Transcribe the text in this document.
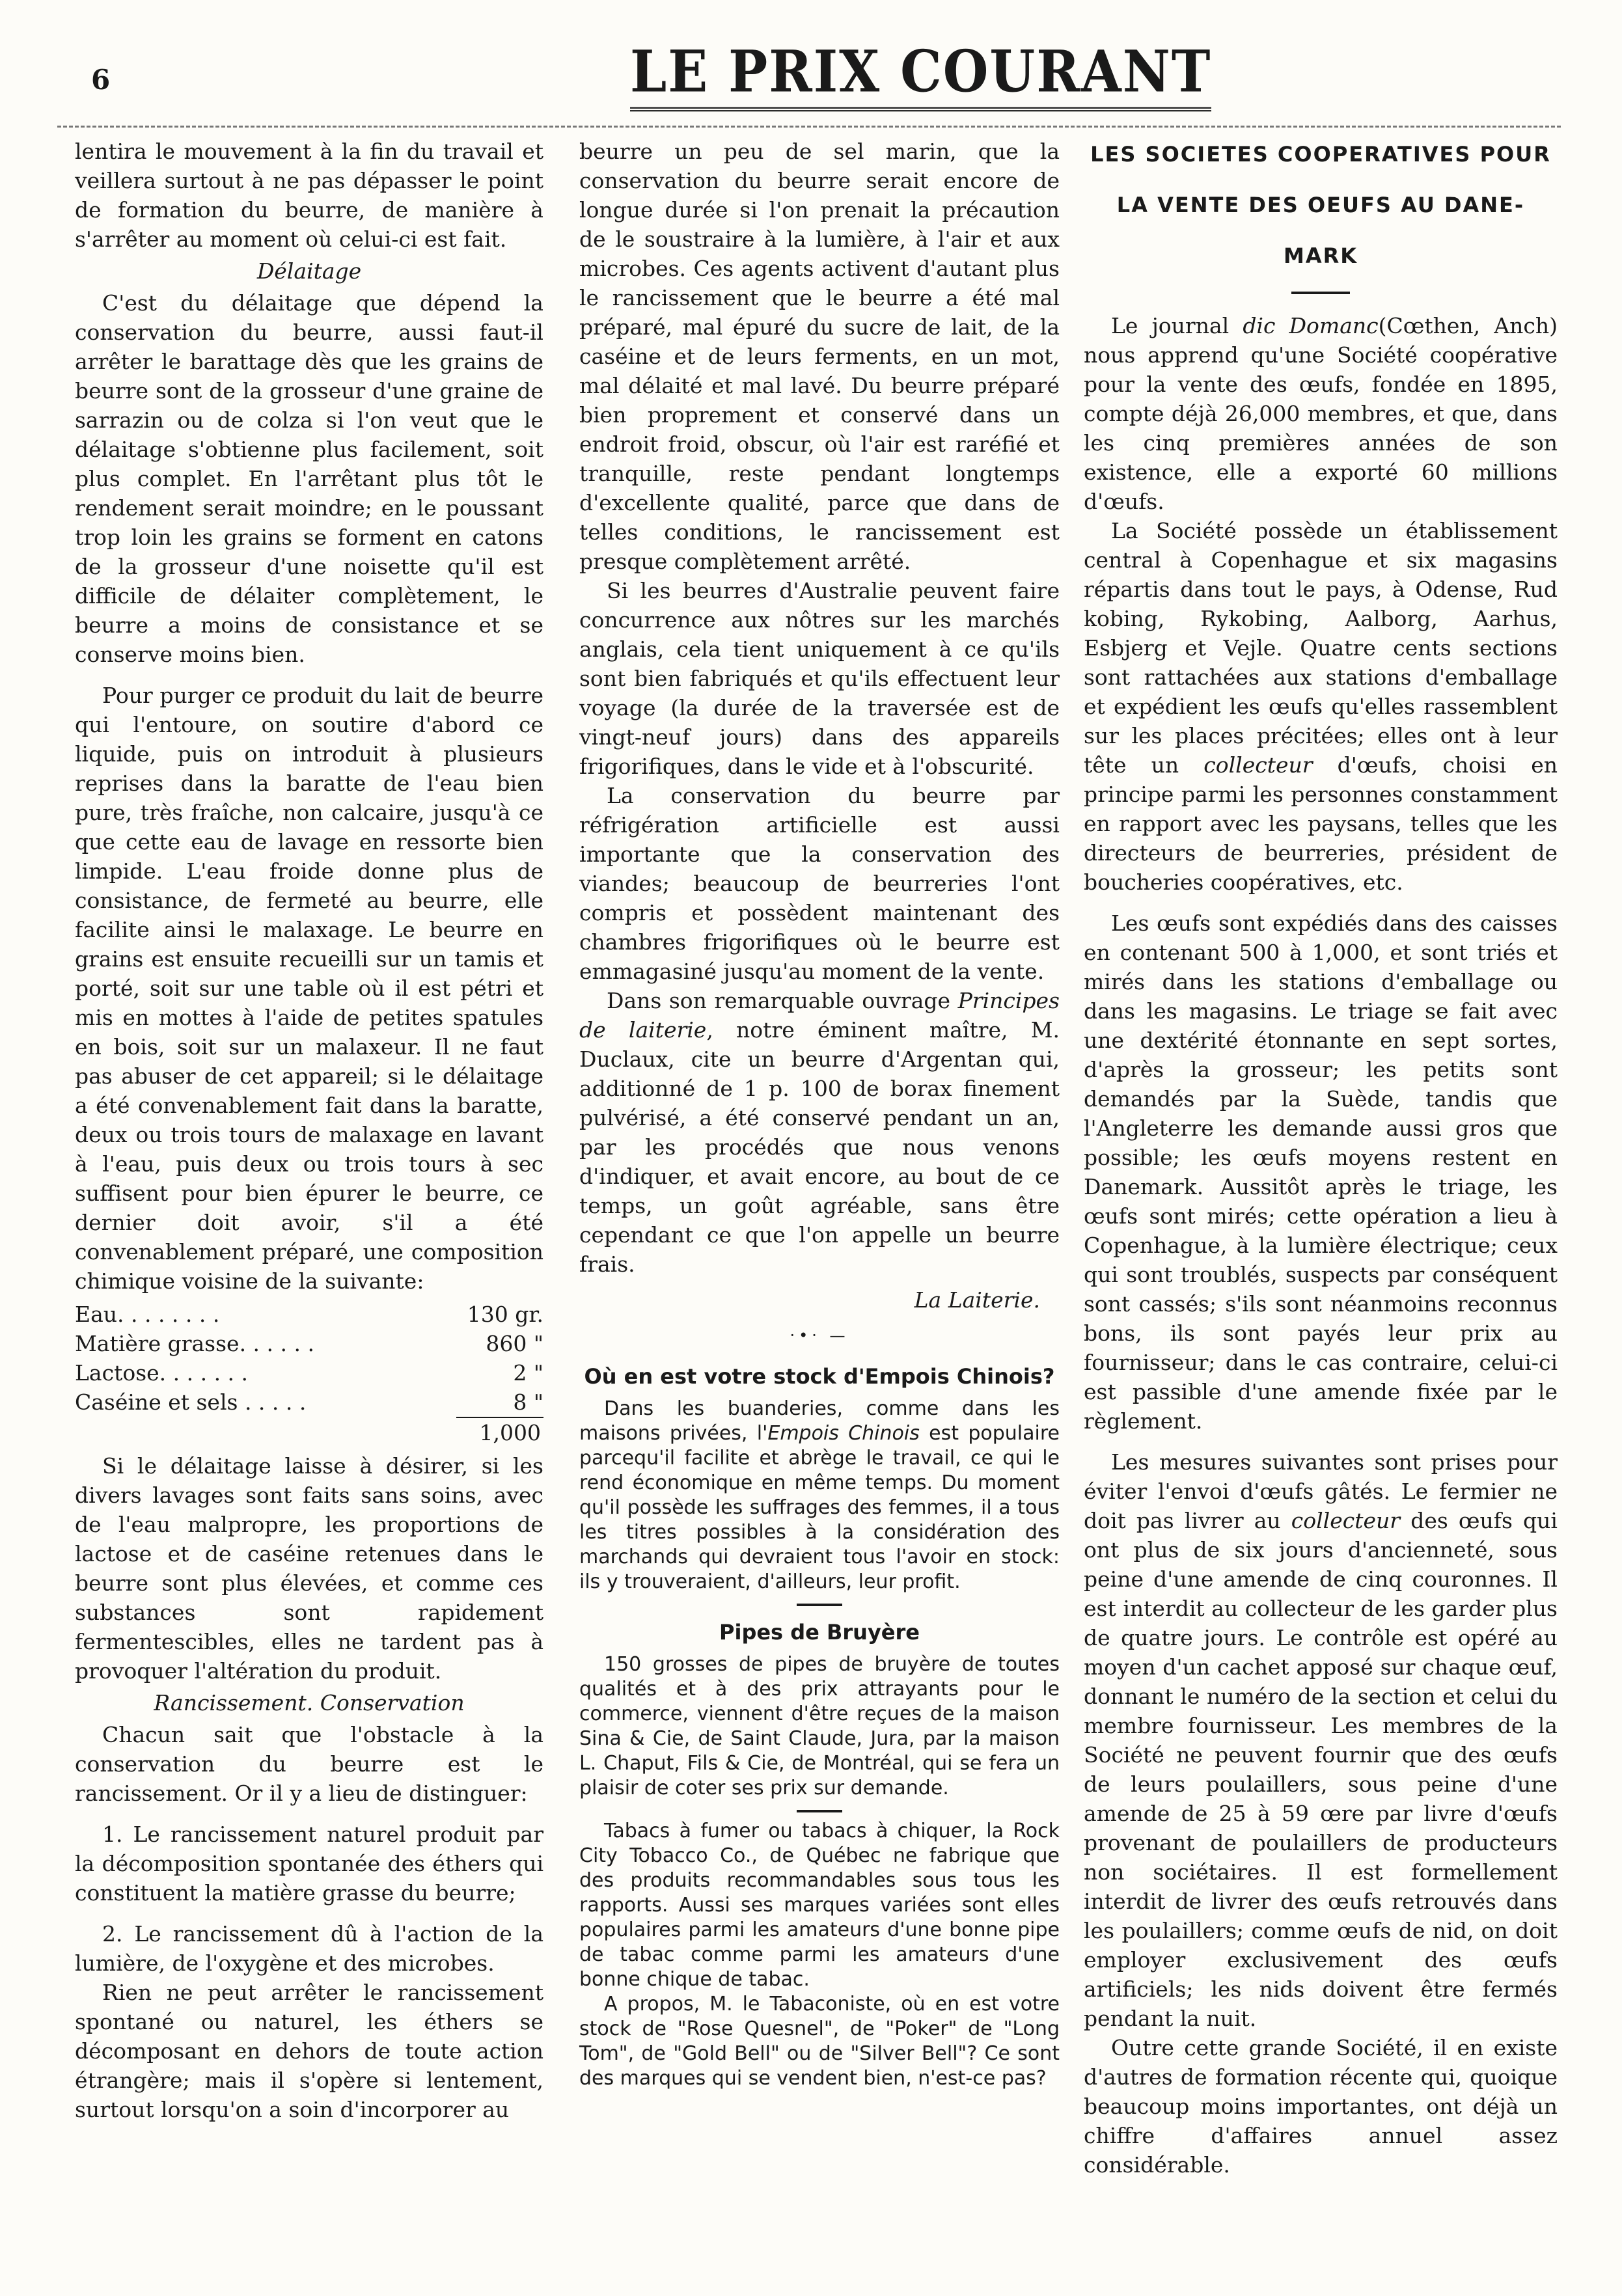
6	LE PRIX COURANT

lentira le mouvement à la fin du travail et veillera surtout à ne pas dépasser le point de formation du beurre, de manière à s'arrêter au moment où celui-ci est fait.

Délaitage

C'est du délaitage que dépend la conservation du beurre, aussi faut-il arrêter le barattage dès que les grains de beurre sont de la grosseur d'une graine de sarrazin ou de colza si l'on veut que le délaitage s'obtienne plus facilement, soit plus complet. En l'arrêtant plus tôt le rendement serait moindre; en le poussant trop loin les grains se forment en catons de la grosseur d'une noisette qu'il est difficile de délaiter complètement, le beurre a moins de consistance et se conserve moins bien.

Pour purger ce produit du lait de beurre qui l'entoure, on soutire d'abord ce liquide, puis on introduit à plusieurs reprises dans la baratte de l'eau bien pure, très fraîche, non calcaire, jusqu'à ce que cette eau de lavage en ressorte bien limpide. L'eau froide donne plus de consistance, de fermeté au beurre, elle facilite ainsi le malaxage. Le beurre en grains est ensuite recueilli sur un tamis et porté, soit sur une table où il est pétri et mis en mottes à l'aide de petites spatules en bois, soit sur un malaxeur. Il ne faut pas abuser de cet appareil; si le délaitage a été convenablement fait dans la baratte, deux ou trois tours de malaxage en lavant à l'eau, puis deux ou trois tours à sec suffisent pour bien épurer le beurre, ce dernier doit avoir, s'il a été convenablement préparé, une composition chimique voisine de la suivante:

Eau. . . . . . . .	130 gr.
Matière grasse. . . . . .	860 "
Lactose. . . . . . .	2 "
Caséine et sels . . . . .	8 "
1,000

Si le délaitage laisse à désirer, si les divers lavages sont faits sans soins, avec de l'eau malpropre, les proportions de lactose et de caséine retenues dans le beurre sont plus élevées, et comme ces substances sont rapidement fermentescibles, elles ne tardent pas à provoquer l'altération du produit.

Rancissement. Conservation

Chacun sait que l'obstacle à la conservation du beurre est le rancissement. Or il y a lieu de distinguer:

1. Le rancissement naturel produit par la décomposition spontanée des éthers qui constituent la matière grasse du beurre;

2. Le rancissement dû à l'action de la lumière, de l'oxygène et des microbes.

Rien ne peut arrêter le rancissement spontané ou naturel, les éthers se décomposant en dehors de toute action étrangère; mais il s'opère si lentement, surtout lorsqu'on a soin d'incorporer au

beurre un peu de sel marin, que la conservation du beurre serait encore de longue durée si l'on prenait la précaution de le soustraire à la lumière, à l'air et aux microbes. Ces agents activent d'autant plus le rancissement que le beurre a été mal préparé, mal épuré du sucre de lait, de la caséine et de leurs ferments, en un mot, mal délaité et mal lavé. Du beurre préparé bien proprement et conservé dans un endroit froid, obscur, où l'air est raréfié et tranquille, reste pendant longtemps d'excellente qualité, parce que dans de telles conditions, le rancissement est presque complètement arrêté.

Si les beurres d'Australie peuvent faire concurrence aux nôtres sur les marchés anglais, cela tient uniquement à ce qu'ils sont bien fabriqués et qu'ils effectuent leur voyage (la durée de la traversée est de vingt-neuf jours) dans des appareils frigorifiques, dans le vide et à l'obscurité.

La conservation du beurre par réfrigération artificielle est aussi importante que la conservation des viandes; beaucoup de beurreries l'ont compris et possèdent maintenant des chambres frigorifiques où le beurre est emmagasiné jusqu'au moment de la vente.

Dans son remarquable ouvrage Principes de laiterie, notre éminent maître, M. Duclaux, cite un beurre d'Argentan qui, additionné de 1 p. 100 de borax finement pulvérisé, a été conservé pendant un an, par les procédés que nous venons d'indiquer, et avait encore, au bout de ce temps, un goût agréable, sans être cependant ce que l'on appelle un beurre frais.

La Laiterie.
·•· —
Où en est votre stock d'Empois Chinois?

Dans les buanderies, comme dans les maisons privées, l'Empois Chinois est populaire parcequ'il facilite et abrège le travail, ce qui le rend économique en même temps. Du moment qu'il possède les suffrages des femmes, il a tous les titres possibles à la considération des marchands qui devraient tous l'avoir en stock: ils y trouveraient, d'ailleurs, leur profit.

Pipes de Bruyère

150 grosses de pipes de bruyère de toutes qualités et à des prix attrayants pour le commerce, viennent d'être reçues de la maison Sina & Cie, de Saint Claude, Jura, par la maison L. Chaput, Fils & Cie, de Montréal, qui se fera un plaisir de coter ses prix sur demande.

Tabacs à fumer ou tabacs à chiquer, la Rock City Tobacco Co., de Québec ne fabrique que des produits recommandables sous tous les rapports. Aussi ses marques variées sont elles populaires parmi les amateurs d'une bonne pipe de tabac comme parmi les amateurs d'une bonne chique de tabac.

A propos, M. le Tabaconiste, où en est votre stock de "Rose Quesnel", de "Poker" de "Long Tom", de "Gold Bell" ou de "Silver Bell"? Ce sont des marques qui se vendent bien, n'est-ce pas?

LES SOCIETES COOPERATIVES POUR
LA VENTE DES OEUFS AU DANE-
MARK

Le journal dic Domanc(Cœthen, Anch) nous apprend qu'une Société coopérative pour la vente des œufs, fondée en 1895, compte déjà 26,000 membres, et que, dans les cinq premières années de son existence, elle a exporté 60 millions d'œufs.

La Société possède un établissement central à Copenhague et six magasins répartis dans tout le pays, à Odense, Rud kobing, Rykobing, Aalborg, Aarhus, Esbjerg et Vejle. Quatre cents sections sont rattachées aux stations d'emballage et expédient les œufs qu'elles rassemblent sur les places précitées; elles ont à leur tête un collecteur d'œufs, choisi en principe parmi les personnes constamment en rapport avec les paysans, telles que les directeurs de beurreries, président de boucheries coopératives, etc.

Les œufs sont expédiés dans des caisses en contenant 500 à 1,000, et sont triés et mirés dans les stations d'emballage ou dans les magasins. Le triage se fait avec une dextérité étonnante en sept sortes, d'après la grosseur; les petits sont demandés par la Suède, tandis que l'Angleterre les demande aussi gros que possible; les œufs moyens restent en Danemark. Aussitôt après le triage, les œufs sont mirés; cette opération a lieu à Copenhague, à la lumière électrique; ceux qui sont troublés, suspects par conséquent sont cassés; s'ils sont néanmoins reconnus bons, ils sont payés leur prix au fournisseur; dans le cas contraire, celui-ci est passible d'une amende fixée par le règlement.

Les mesures suivantes sont prises pour éviter l'envoi d'œufs gâtés. Le fermier ne doit pas livrer au collecteur des œufs qui ont plus de six jours d'ancienneté, sous peine d'une amende de cinq couronnes. Il est interdit au collecteur de les garder plus de quatre jours. Le contrôle est opéré au moyen d'un cachet apposé sur chaque œuf, donnant le numéro de la section et celui du membre fournisseur. Les membres de la Société ne peuvent fournir que des œufs de leurs poulaillers, sous peine d'une amende de 25 à 59 œre par livre d'œufs provenant de poulaillers de producteurs non sociétaires. Il est formellement interdit de livrer des œufs retrouvés dans les poulaillers; comme œufs de nid, on doit employer exclusivement des œufs artificiels; les nids doivent être fermés pendant la nuit.

Outre cette grande Société, il en existe d'autres de formation récente qui, quoique beaucoup moins importantes, ont déjà un chiffre d'affaires annuel assez considérable.
